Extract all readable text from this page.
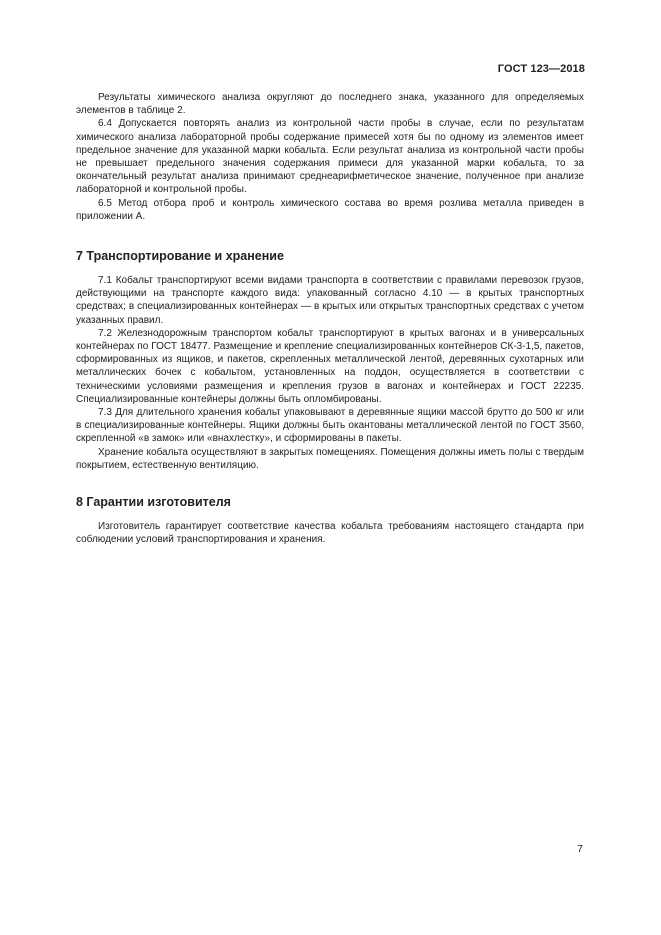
ГОСТ 123—2018

Результаты химического анализа округляют до последнего знака, указанного для определяемых элементов в таблице 2.

6.4 Допускается повторять анализ из контрольной части пробы в случае, если по результатам химического анализа лабораторной пробы содержание примесей хотя бы по одному из элементов имеет предельное значение для указанной марки кобальта. Если результат анализа из контрольной части пробы не превышает предельного значения содержания примеси для указанной марки кобальта, то за окончательный результат анализа принимают среднеарифметическое значение, полученное при анализе лабораторной и контрольной пробы.

6.5 Метод отбора проб и контроль химического состава во время розлива металла приведен в приложении А.

7 Транспортирование и хранение

7.1 Кобальт транспортируют всеми видами транспорта в соответствии с правилами перевозок грузов, действующими на транспорте каждого вида: упакованный согласно 4.10 — в крытых транспортных средствах; в специализированных контейнерах — в крытых или открытых транспортных средствах с учетом указанных правил.

7.2 Железнодорожным транспортом кобальт транспортируют в крытых вагонах и в универсальных контейнерах по ГОСТ 18477. Размещение и крепление специализированных контейнеров СК-3-1,5, пакетов, сформированных из ящиков, и пакетов, скрепленных металлической лентой, деревянных сухотарных или металлических бочек с кобальтом, установленных на поддон, осуществляется в соответствии с техническими условиями размещения и крепления грузов в вагонах и контейнерах и ГОСТ 22235. Специализированные контейнеры должны быть опломбированы.

7.3 Для длительного хранения кобальт упаковывают в деревянные ящики массой брутто до 500 кг или в специализированные контейнеры. Ящики должны быть окантованы металлической лентой по ГОСТ 3560, скрепленной «в замок» или «внахлестку», и сформированы в пакеты.

Хранение кобальта осуществляют в закрытых помещениях. Помещения должны иметь полы с твердым покрытием, естественную вентиляцию.

8 Гарантии изготовителя

Изготовитель гарантирует соответствие качества кобальта требованиям настоящего стандарта при соблюдении условий транспортирования и хранения.

7
